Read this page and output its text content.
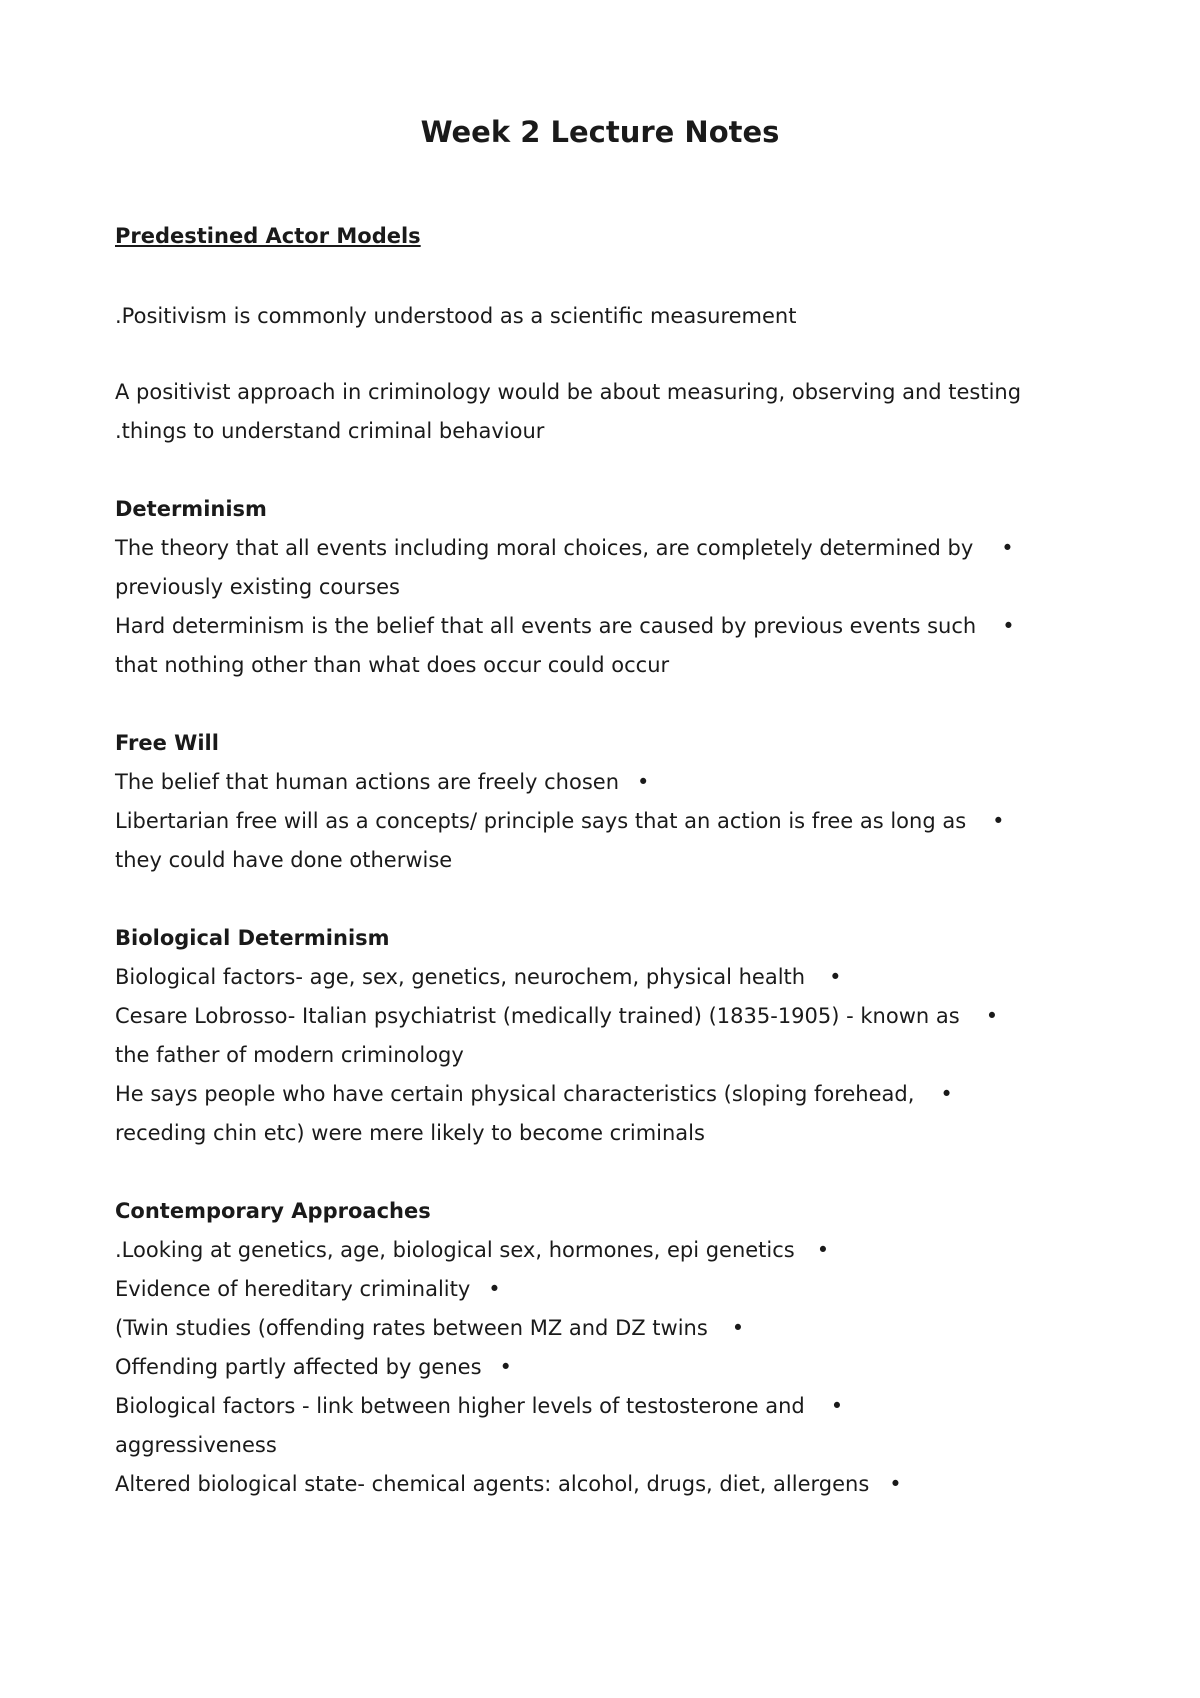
Week 2 Lecture Notes
Predestined Actor Models
.Positivism is commonly understood as a scientific measurement
A positivist approach in criminology would be about measuring, observing and testing
.things to understand criminal behaviour
Determinism
The theory that all events including moral choices, are completely determined by •
previously existing courses
Hard determinism is the belief that all events are caused by previous events such •
that nothing other than what does occur could occur
Free Will
The belief that human actions are freely chosen •
Libertarian free will as a concepts/ principle says that an action is free as long as •
they could have done otherwise
Biological Determinism
Biological factors- age, sex, genetics, neurochem, physical health •
Cesare Lobrosso- Italian psychiatrist (medically trained) (1835-1905) - known as •
the father of modern criminology
He says people who have certain physical characteristics (sloping forehead, •
receding chin etc) were mere likely to become criminals
Contemporary Approaches
.Looking at genetics, age, biological sex, hormones, epi genetics •
Evidence of hereditary criminality •
(Twin studies (offending rates between MZ and DZ twins •
Offending partly affected by genes •
Biological factors - link between higher levels of testosterone and •
aggressiveness
Altered biological state- chemical agents: alcohol, drugs, diet, allergens •
